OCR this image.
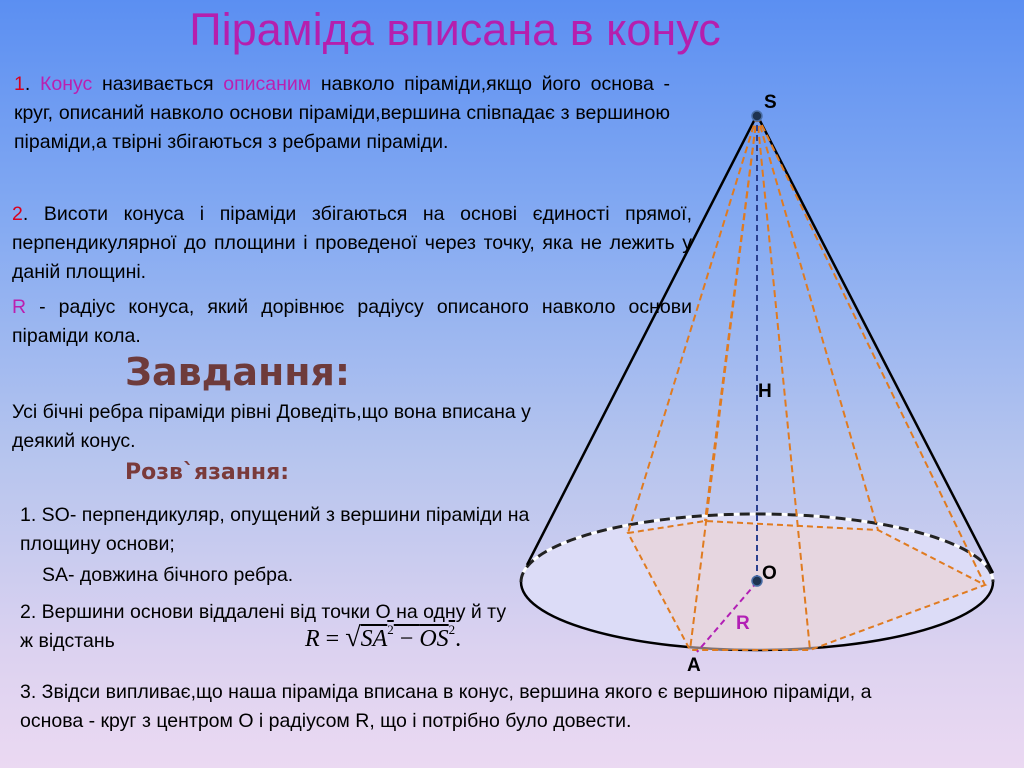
Піраміда вписана в конус
S
H
O
R
A
1. Конус називається описаним навколо піраміди,якщо його основа - круг, описаний навколо основи піраміди,вершина співпадає з вершиною піраміди,а твірні збігаються з ребрами піраміди.
2. Висоти конуса і піраміди збігаються на основі єдиності прямої, перпендикулярної до площини і проведеної через точку, яка не лежить у даній площині.
R - радіус конуса, який дорівнює радіусу описаного навколо основи піраміди кола.
Завдання:
Усі бічні ребра піраміди рівні Доведіть,що вона вписана у деякий конус.
Розв`язання:
1. SO- перпендикуляр, опущений з вершини піраміди на площину основи;
SA- довжина бічного ребра.
2. Вершини основи віддалені від точки О на одну й ту ж відстань	$R = √SA^2 - OS^2$.
3. Звідси випливає,що наша піраміда вписана в конус, вершина якого є вершиною піраміди, а основа - круг з центром О і радіусом R, що і потрібно було довести.
